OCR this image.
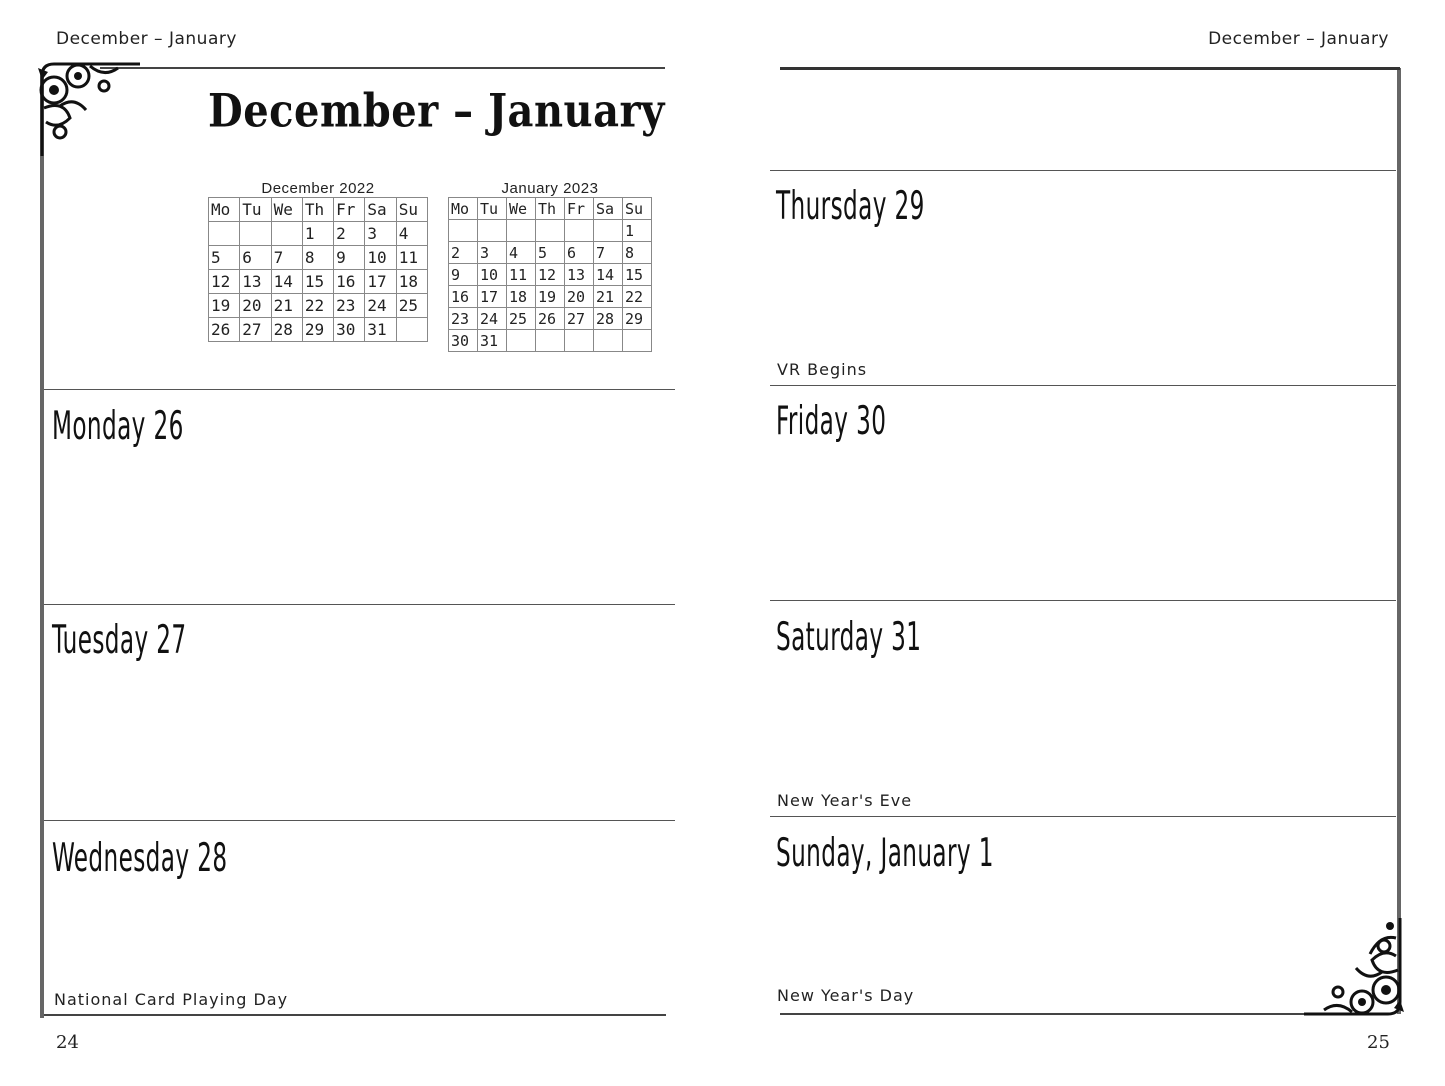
December – January
December – January
December 2022
Mo	Tu	We	Th	Fr	Sa	Su
			1	2	3	4
5	6	7	8	9	10	11
12	13	14	15	16	17	18
19	20	21	22	23	24	25
26	27	28	29	30	31	
January 2023
Mo	Tu	We	Th	Fr	Sa	Su
						1
2	3	4	5	6	7	8
9	10	11	12	13	14	15
16	17	18	19	20	21	22
23	24	25	26	27	28	29
30	31					
Monday 26
Tuesday 27
Wednesday 28
National Card Playing Day
24
December – January
Thursday 29
VR Begins
Friday 30
Saturday 31
New Year's Eve
Sunday, January 1
New Year's Day
25
